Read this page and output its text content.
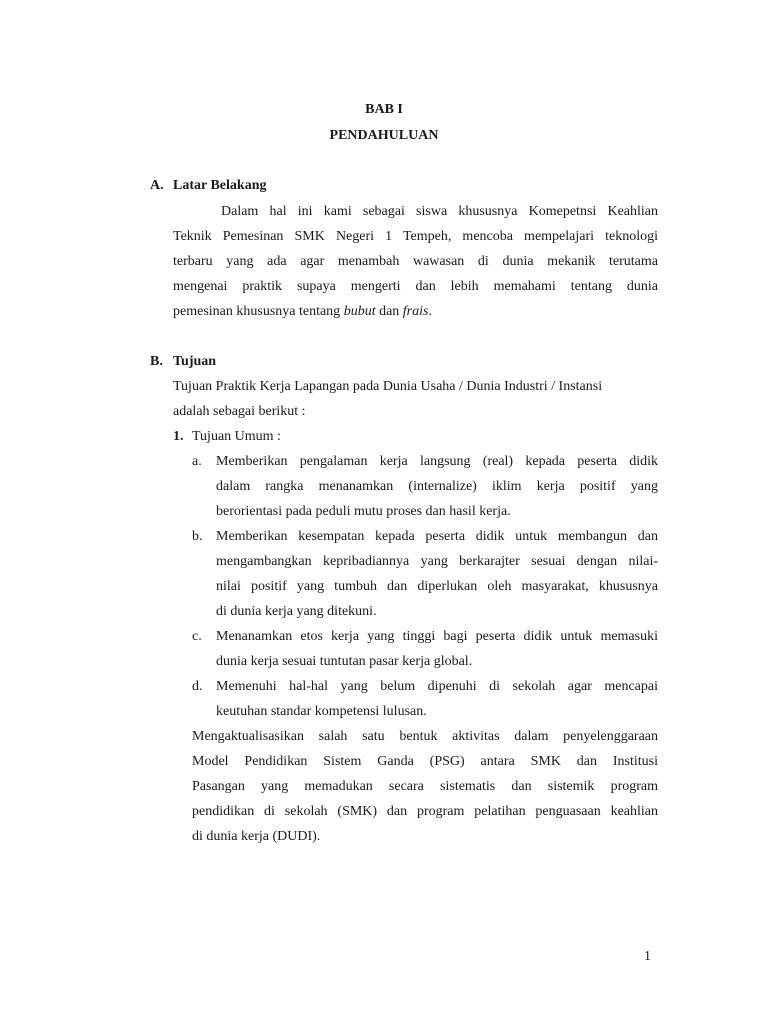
BAB I
PENDAHULUAN
A. Latar Belakang
Dalam hal ini kami sebagai siswa khususnya Komepetnsi Keahlian
Teknik Pemesinan SMK Negeri 1 Tempeh, mencoba mempelajari teknologi
terbaru yang ada agar menambah wawasan di dunia mekanik terutama
mengenai praktik supaya mengerti dan lebih memahami tentang dunia
pemesinan khususnya tentang bubut dan frais.
B. Tujuan
Tujuan Praktik Kerja Lapangan pada Dunia Usaha / Dunia Industri / Instansi
adalah sebagai berikut :
1. Tujuan Umum :
a. Memberikan pengalaman kerja langsung (real) kepada peserta didik
dalam rangka menanamkan (internalize) iklim kerja positif yang
berorientasi pada peduli mutu proses dan hasil kerja.
b. Memberikan kesempatan kepada peserta didik untuk membangun dan
mengambangkan kepribadiannya yang berkarajter sesuai dengan nilai-
nilai positif yang tumbuh dan diperlukan oleh masyarakat, khususnya
di dunia kerja yang ditekuni.
c. Menanamkan etos kerja yang tinggi bagi peserta didik untuk memasuki
dunia kerja sesuai tuntutan pasar kerja global.
d. Memenuhi hal-hal yang belum dipenuhi di sekolah agar mencapai
keutuhan standar kompetensi lulusan.
Mengaktualisasikan salah satu bentuk aktivitas dalam penyelenggaraan
Model Pendidikan Sistem Ganda (PSG) antara SMK dan Institusi
Pasangan yang memadukan secara sistematis dan sistemik program
pendidikan di sekolah (SMK) dan program pelatihan penguasaan keahlian
di dunia kerja (DUDI).
1
